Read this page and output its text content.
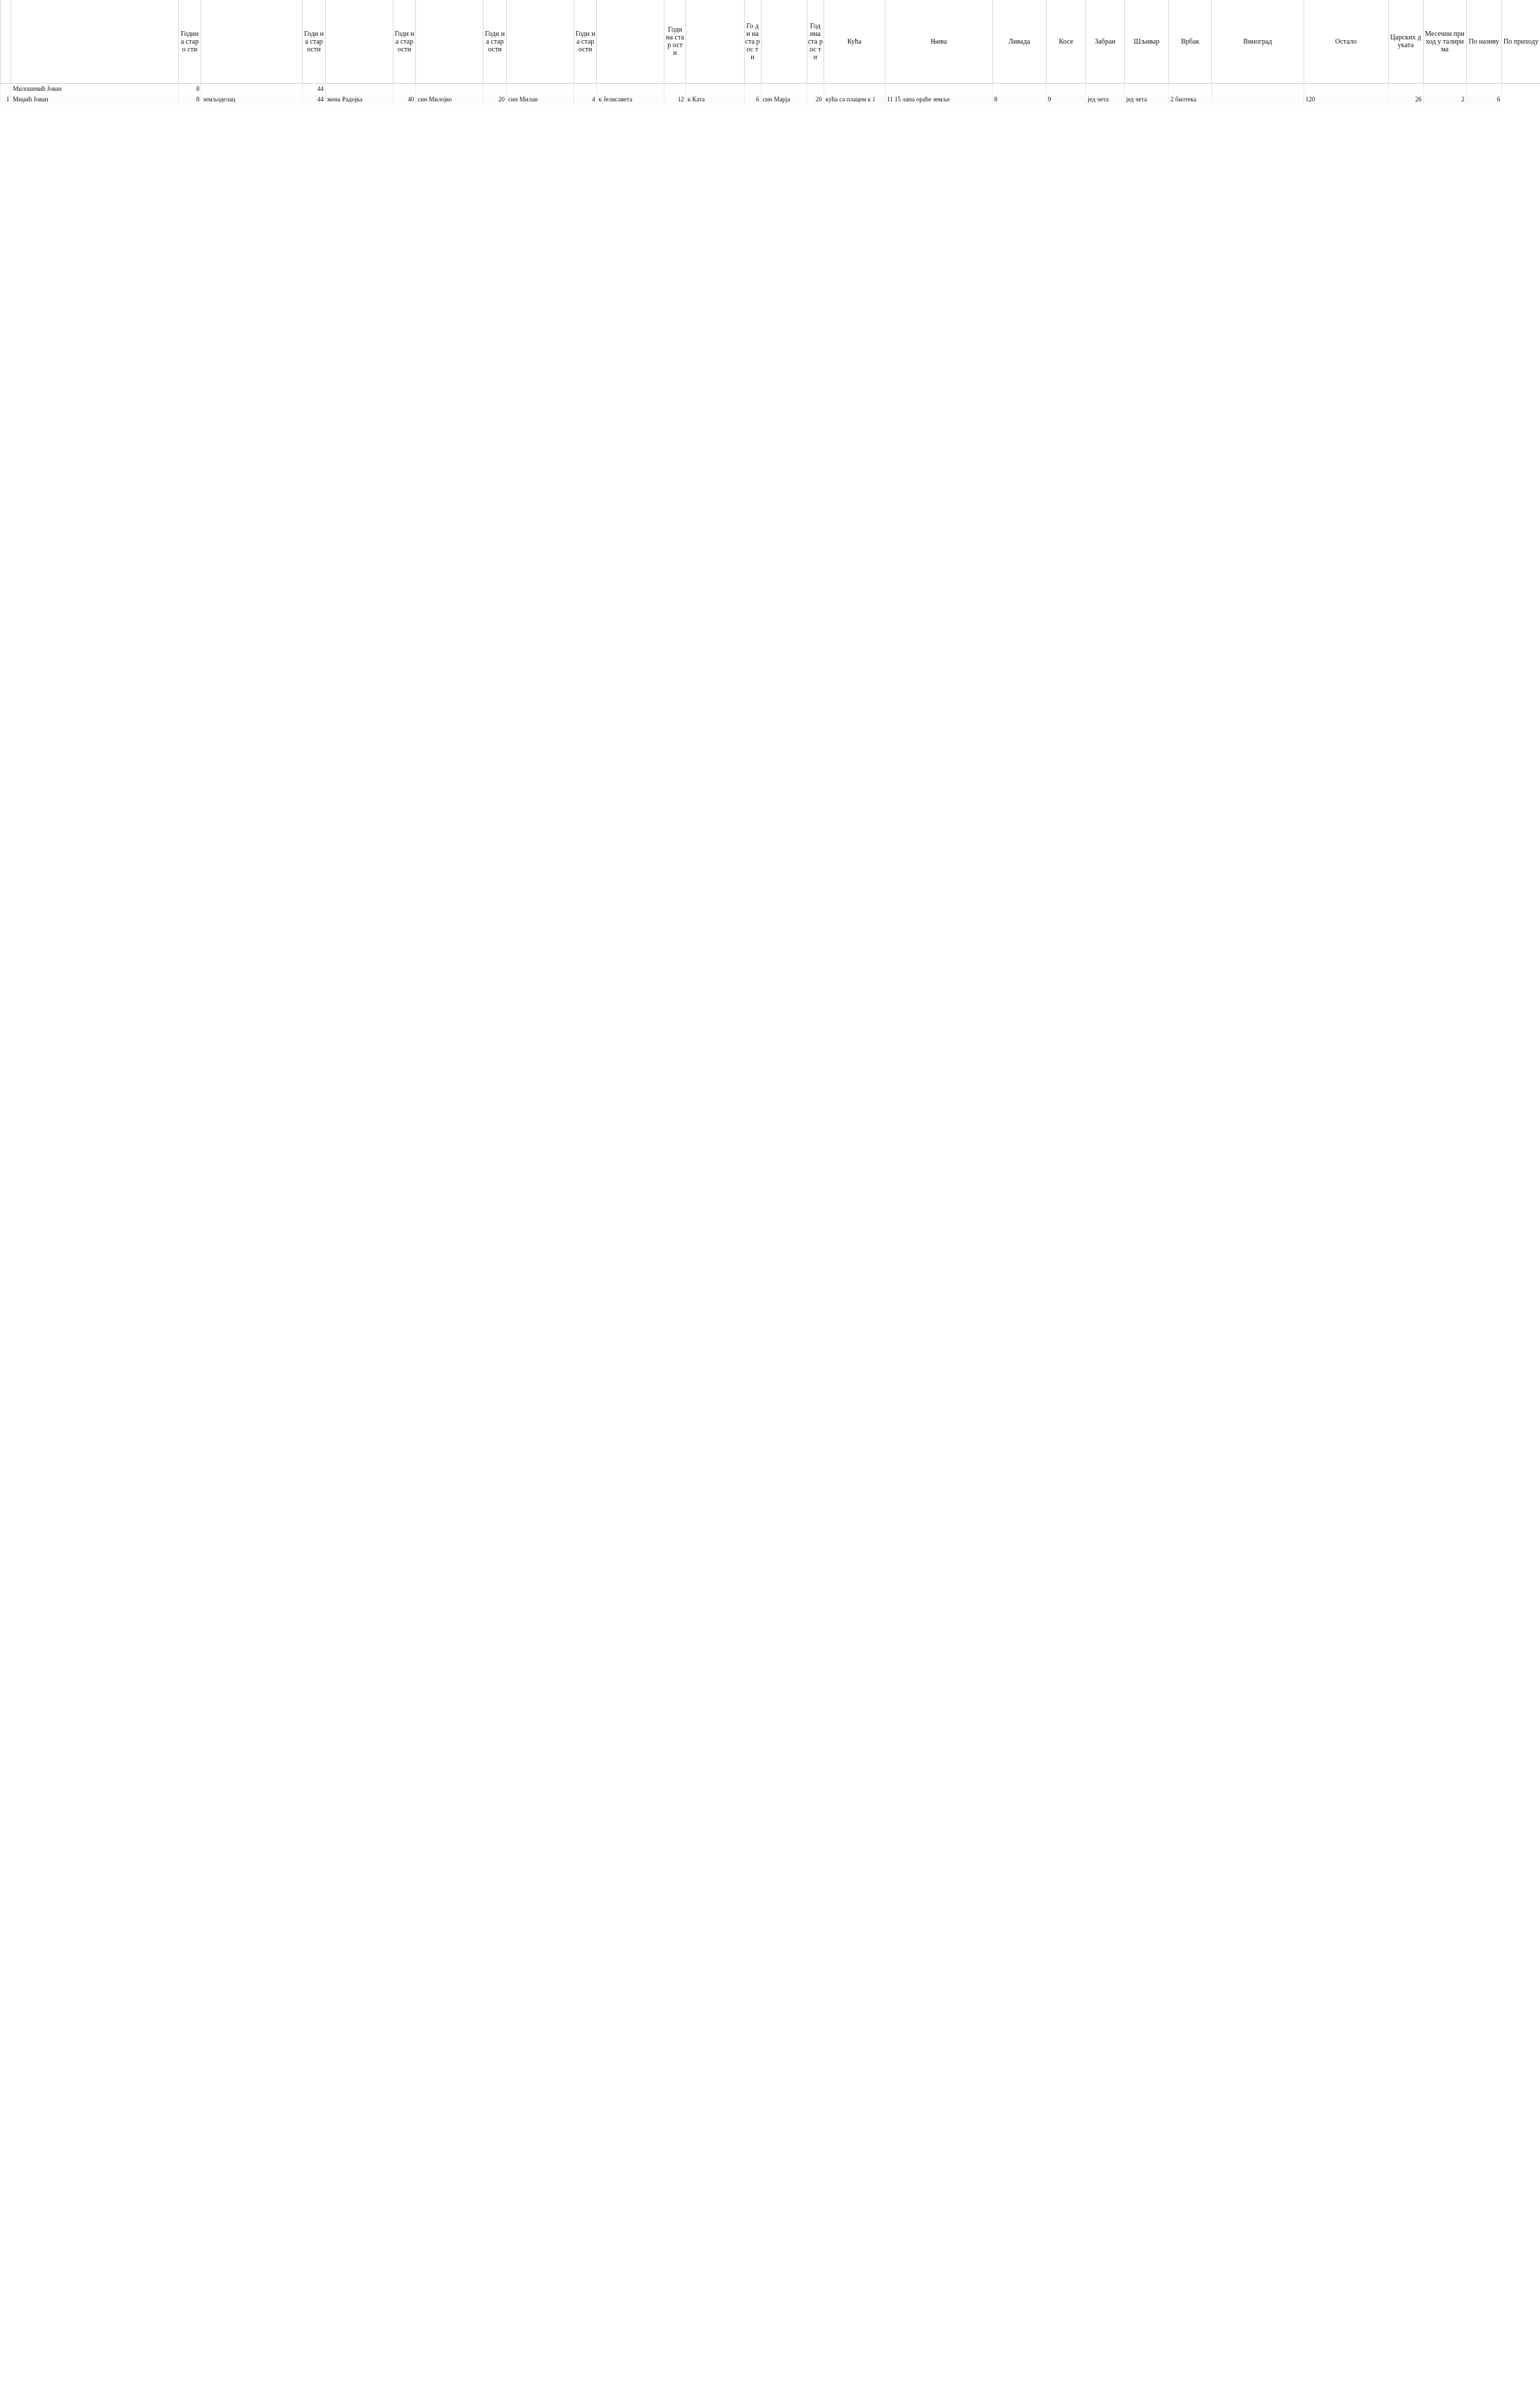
		Годин а старо сти		Годи на стар ости		Годи на стар ости		Годи на стар ости		Годи на стар ости		Годи на стар ост и		Го ди на ста рос ти		Год ина ста рос ти	Кућа	Њива	Ливада	Косе	Забран	Шљивар	Врбак	Виноград	Остало	Царских дуката	Месечни приход у талирима	По називу	По приходу
	Милошевић Јован	8		44																									
1	Миџић Јован	8	земљоделац	44	жена Радојка	40	син Милојко	20	син Милан	4	к Јелисавета	12	к Ката	6	син Марјa	20	кућа са плацем к 1	11 15 ланa орaће земље	8	9	јед чета	јед чета	2 биотека		120	26	2	6	
